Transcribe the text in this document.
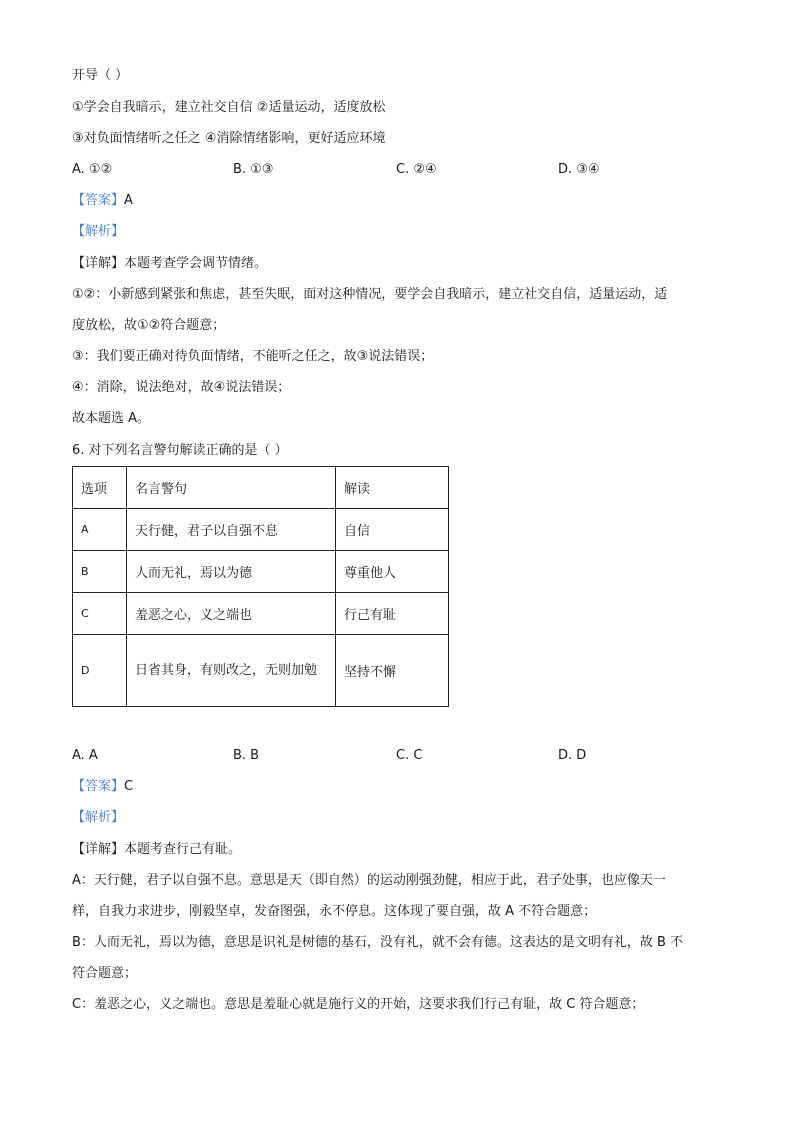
开导（ ）
①学会自我暗示，建立社交自信 ②适量运动，适度放松
③对负面情绪听之任之 ④消除情绪影响，更好适应环境
A. ①②	B. ①③	C. ②④	D. ③④
【答案】A
【解析】
【详解】本题考查学会调节情绪。
①②：小新感到紧张和焦虑，甚至失眠，面对这种情况，要学会自我暗示，建立社交自信，适量运动，适
度放松，故①②符合题意；
③：我们要正确对待负面情绪，不能听之任之，故③说法错误；
④：消除，说法绝对，故④说法错误；
故本题选 A。
6. 对下列名言警句解读正确的是（ ）
选项	名言警句	解读
A	天行健，君子以自强不息	自信
B	人而无礼，焉以为德	尊重他人
C	羞恶之心，义之端也	行己有耻
D	日省其身，有则改之，无则加勉	坚持不懈
A. A	B. B	C. C	D. D
【答案】C
【解析】
【详解】本题考查行己有耻。
A：天行健，君子以自强不息。意思是天（即自然）的运动刚强劲健，相应于此，君子处事，也应像天一
样，自我力求进步，刚毅坚卓，发奋图强，永不停息。这体现了要自强，故 A 不符合题意；
B：人而无礼，焉以为德，意思是识礼是树德的基石，没有礼，就不会有德。这表达的是文明有礼，故 B 不
符合题意；
C：羞恶之心，义之端也。意思是羞耻心就是施行义的开始，这要求我们行己有耻，故 C 符合题意；
